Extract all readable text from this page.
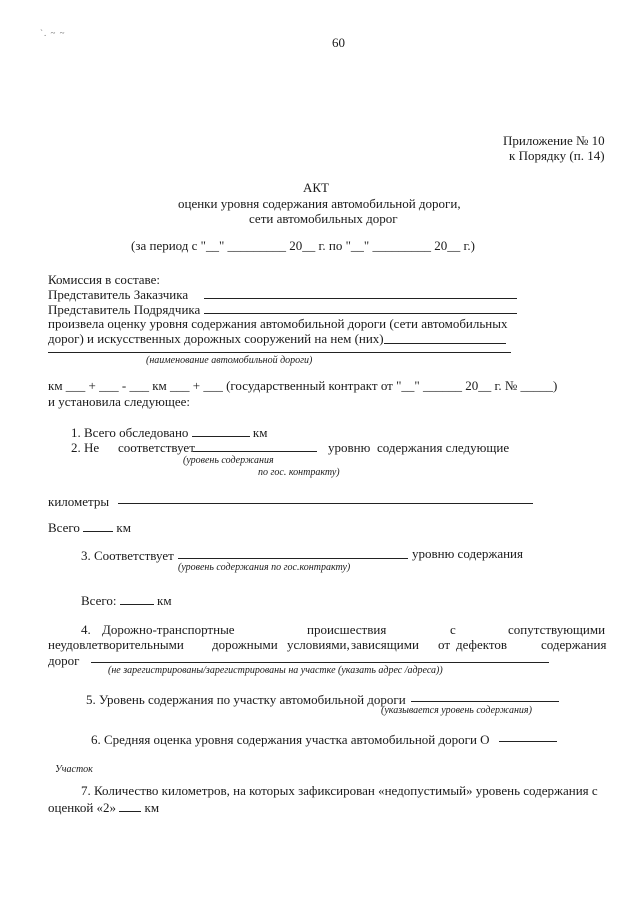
`. ~ ~
60
Приложение № 10
к Порядку (п. 14)
АКТ
оценки уровня содержания автомобильной дороги,
сети автомобильных дорог
(за период с "__" _________ 20__ г. по "__" _________ 20__ г.)
Комиссия в составе:
Представитель Заказчика
Представитель Подрядчика
произвела оценку уровня содержания автомобильной дороги (сети автомобильных
дорог) и искусственных дорожных сооружений на нем (них)
(наименование автомобильной дороги)
км ___ + ___ - ___ км ___ + ___ (государственный контракт от "__" ______ 20__ г. № _____)
и установила следующее:
1. Всего обследовано	км
2. Не соответствует	уровню содержания следующие
(уровень содержания
по гос. контракту)
километры
Всего	км
3. Соответствует	уровню содержания
(уровень содержания по гос.контракту)
Всего:	км
4. Дорожно-транспортные	происшествия	с	сопутствующими
неудовлетворительными дорожными условиями, зависящими от дефектов	содержания
дорог
(не зарегистрированы/зарегистрированы на участке (указать адрес /адреса))
5. Уровень содержания по участку автомобильной дороги
(указывается уровень содержания)
6. Средняя оценка уровня содержания участка автомобильной дороги О
Участок
7. Количество километров, на которых зафиксирован «недопустимый» уровень содержания с
оценкой «2» км
